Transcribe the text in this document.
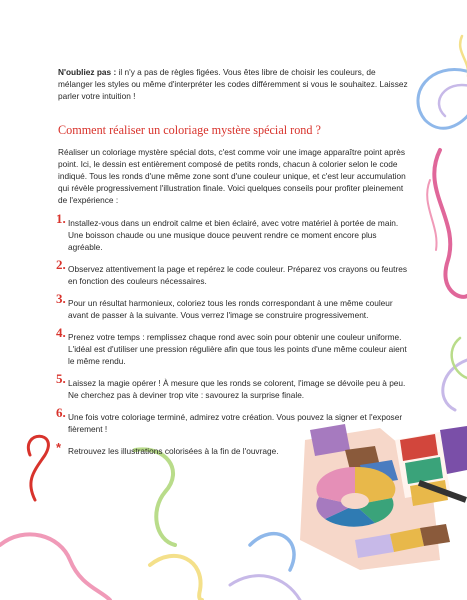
N'oubliez pas : il n'y a pas de règles figées. Vous êtes libre de choisir les couleurs, de mélanger les styles ou même d'interpréter les codes différemment si vous le souhaitez. Laissez parler votre intuition !

Comment réaliser un coloriage mystère spécial rond ?

Réaliser un coloriage mystère spécial dots, c'est comme voir une image apparaître point après point. Ici, le dessin est entièrement composé de petits ronds, chacun à colorier selon le code indiqué. Tous les ronds d'une même zone sont d'une couleur unique, et c'est leur accumulation qui révèle progressivement l'illustration finale. Voici quelques conseils pour profiter pleinement de l'expérience :

1. Installez-vous dans un endroit calme et bien éclairé, avec votre matériel à portée de main. Une boisson chaude ou une musique douce peuvent rendre ce moment encore plus agréable.
2. Observez attentivement la page et repérez le code couleur. Préparez vos crayons ou feutres en fonction des couleurs nécessaires.
3. Pour un résultat harmonieux, coloriez tous les ronds correspondant à une même couleur avant de passer à la suivante. Vous verrez l'image se construire progressivement.
4. Prenez votre temps : remplissez chaque rond avec soin pour obtenir une couleur uniforme. L'idéal est d'utiliser une pression régulière afin que tous les points d'une même couleur aient le même rendu.
5. Laissez la magie opérer ! À mesure que les ronds se colorent, l'image se dévoile peu à peu. Ne cherchez pas à deviner trop vite : savourez la surprise finale.
6. Une fois votre coloriage terminé, admirez votre création. Vous pouvez la signer et l'exposer fièrement !
* Retrouvez les illustrations colorisées à la fin de l'ouvrage.
